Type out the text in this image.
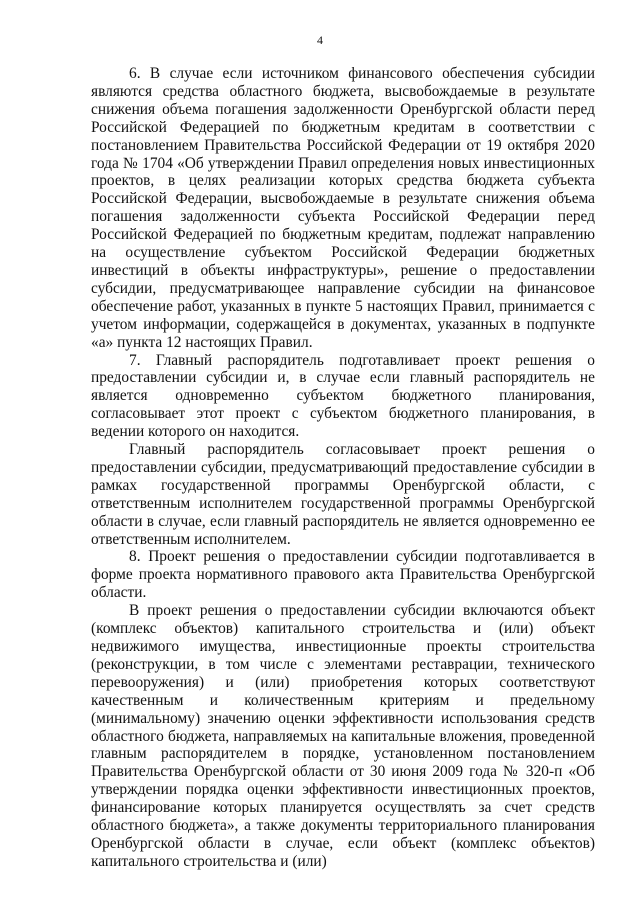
4

6. В случае если источником финансового обеспечения субсидии являются средства областного бюджета, высвобождаемые в результате снижения объема погашения задолженности Оренбургской области перед Российской Федерацией по бюджетным кредитам в соответствии с постановлением Правительства Российской Федерации от 19 октября 2020 года № 1704 «Об утверждении Правил определения новых инвестиционных проектов, в целях реализации которых средства бюджета субъекта Российской Федерации, высвобождаемые в результате снижения объема погашения задолженности субъекта Российской Федерации перед Российской Федерацией по бюджетным кредитам, подлежат направлению на осуществление субъектом Российской Федерации бюджетных инвестиций в объекты инфраструктуры», решение о предоставлении субсидии, предусматривающее направление субсидии на финансовое обеспечение работ, указанных в пункте 5 настоящих Правил, принимается с учетом информации, содержащейся в документах, указанных в подпункте «а» пункта 12 настоящих Правил.

7. Главный распорядитель подготавливает проект решения о предоставлении субсидии и, в случае если главный распорядитель не является одновременно субъектом бюджетного планирования, согласовывает этот проект с субъектом бюджетного планирования, в ведении которого он находится.

Главный распорядитель согласовывает проект решения о предоставлении субсидии, предусматривающий предоставление субсидии в рамках государственной программы Оренбургской области, с ответственным исполнителем государственной программы Оренбургской области в случае, если главный распорядитель не является одновременно ее ответственным исполнителем.

8. Проект решения о предоставлении субсидии подготавливается в форме проекта нормативного правового акта Правительства Оренбургской области.

В проект решения о предоставлении субсидии включаются объект (комплекс объектов) капитального строительства и (или) объект недвижимого имущества, инвестиционные проекты строительства (реконструкции, в том числе с элементами реставрации, технического перевооружения) и (или) приобретения которых соответствуют качественным и количественным критериям и предельному (минимальному) значению оценки эффективности использования средств областного бюджета, направляемых на капитальные вложения, проведенной главным распорядителем в порядке, установленном постановлением Правительства Оренбургской области от 30 июня 2009 года № 320-п «Об утверждении порядка оценки эффективности инвестиционных проектов, финансирование которых планируется осуществлять за счет средств областного бюджета», а также документы территориального планирования Оренбургской области в случае, если объект (комплекс объектов) капитального строительства и (или)
